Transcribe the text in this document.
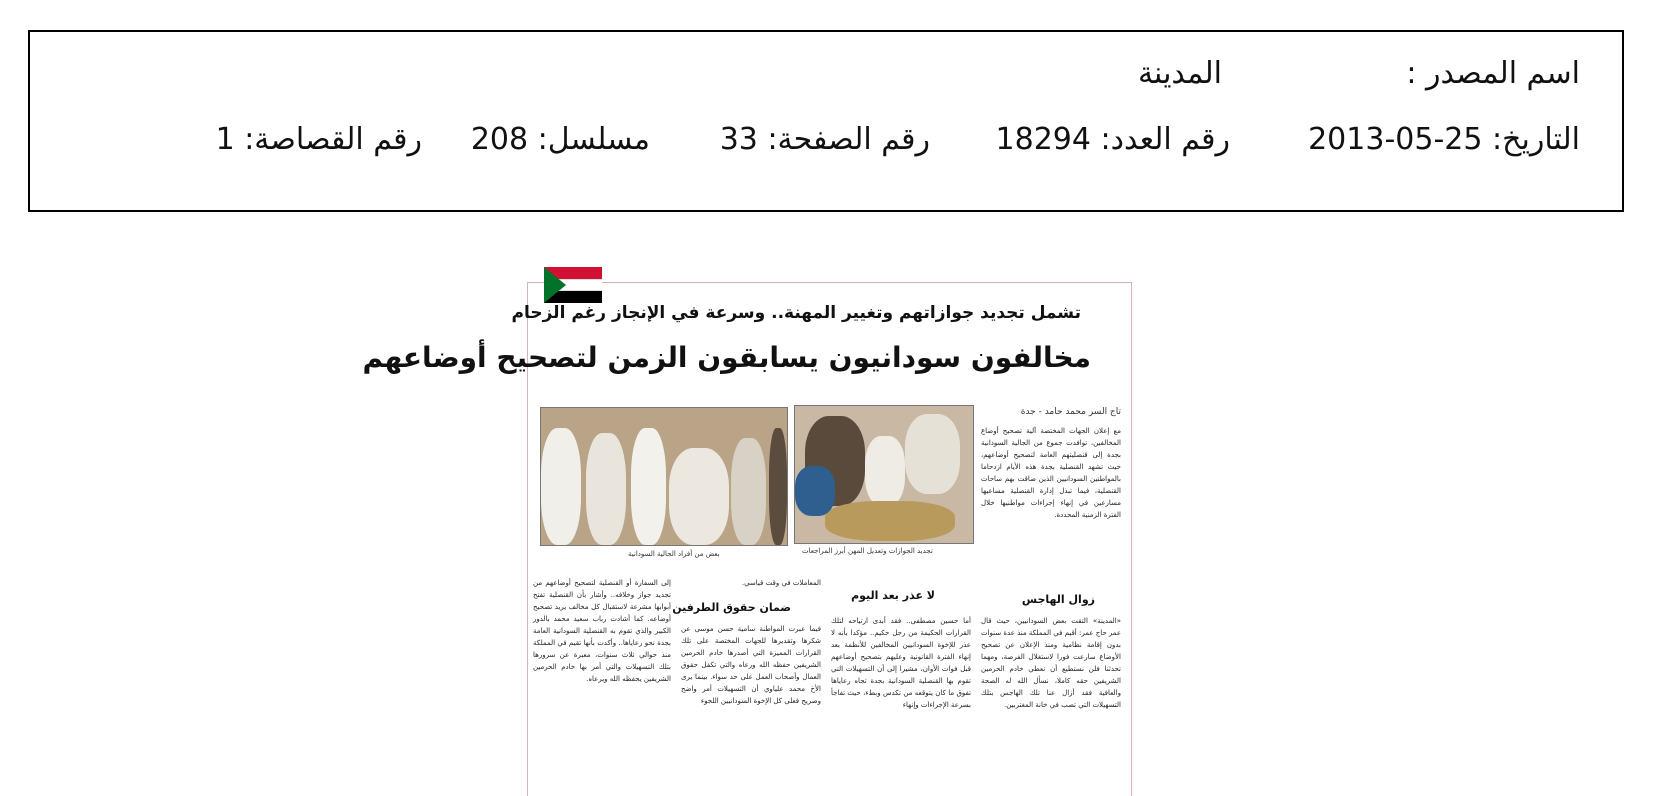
اسم المصدر :
المدينة
التاريخ: 25-05-2013
رقم العدد: 18294
رقم الصفحة: 33
مسلسل: 208
رقم القصاصة: 1
تشمل تجديد جوازاتهم وتغيير المهنة.. وسرعة في الإنجاز رغم الزحام
مخالفون سودانيون يسابقون الزمن لتصحيح أوضاعهم
تاج السر محمد حامد - جدة
تجديد الجوازات وتعديل المهن أبرز المراجعات
بعض من أفراد الجالية السودانية

مع إعلان الجهات المختصة آلية تصحيح أوضاع المخالفين، توافدت جموع من الجالية السودانية بجدة إلى قنصليتهم العامة لتصحيح أوضاعهم، حيث تشهد القنصلية بجدة هذه الأيام ازدحاما بالمواطنين السودانيين الذين ضاقت بهم ساحات القنصلية، فيما تبذل إدارة القنصلية مساعيها مسارعين في إنهاء إجراءات مواطنيها خلال الفترة الزمنية المحددة.

زوال الهاجس

«المدينة» التقت بعض السودانيين، حيث قال عمر حاج عمر: أقيم في المملكة منذ عدة سنوات بدون إقامة نظامية ومنذ الإعلان عن تصحيح الأوضاع سارعت فورا لاستغلال الفرصة، ومهما تحدثنا فلن نستطيع أن نعطي خادم الحرمين الشريفين حقه كاملا، نسأل الله له الصحة والعافية فقد أزال عنا تلك الهاجس بتلك التسهيلات التي تصب في خانة المغتربين.

لا عذر بعد اليوم

أما حسين مصطفى.. فقد أبدى ارتياحه لتلك القرارات الحكيمة من رجل حكيم.. مؤكدا بأنه لا عذر للإخوة السودانيين المخالفين للأنظمة بعد إنهاء الفترة القانونية وعليهم بتصحيح أوضاعهم قبل فوات الأوان، مشيرا إلى أن التسهيلات التي تقوم بها القنصلية السودانية بجدة تجاه رعاياها تفوق ما كان يتوقعه من تكدس وبطء، حيث تفاجأ بسرعة الإجراءات وإنهاء

المعاملات في وقت قياسي.

ضمان حقوق الطرفين

فيما عبرت المواطنة سامية حسن موسى عن شكرها وتقديرها للجهات المختصة على تلك القرارات المميزة التي أصدرها خادم الحرمين الشريفين حفظه الله ورعاه والتي تكفل حقوق العمال وأصحاب العمل على حد سواء. بينما يرى الأخ محمد علياوي أن التسهيلات أمر واضح وصريح فعلى كل الإخوة السودانيين اللجوء

إلى السفارة أو القنصلية لتصحيح أوضاعهم من تجديد جواز وخلافه.. وأشار بأن القنصلية تفتح أبوابها مشرعة لاستقبال كل مخالف يريد تصحيح أوضاعه. كما أشادت رباب سعيد محمد بالدور الكبير والذي تقوم به القنصلية السودانية العامة بجدة نحو رعاياها.. وأكدت بأنها تقيم في المملكة منذ حوالي ثلاث سنوات، معبرة عن سرورها بتلك التسهيلات والتي أمر بها خادم الحرمين الشريفين يحفظه الله ويرعاه.
